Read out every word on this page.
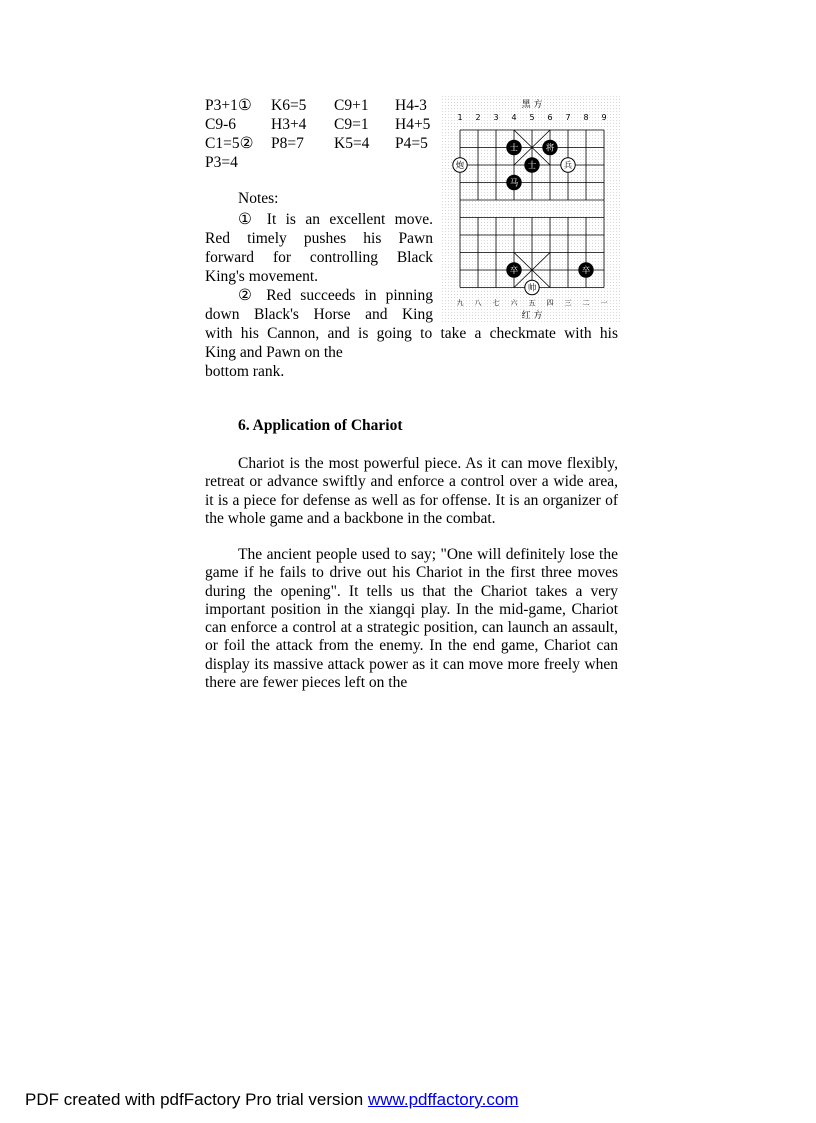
P3+1①	K6=5	C9+1	H4-3
C9-6	H3+4	C9=1	H4+5
C1=5②	P8=7	K5=4	P4=5
P3=4
Notes:
① It is an excellent move.
Red timely pushes his Pawn
forward for controlling Black
King's movement.
② Red succeeds in pinning
down Black's Horse and King
with his Cannon, and is going to take a checkmate with his
King and Pawn on the
bottom rank.
黑 方
红 方
1 2 3 4 5 6 7 8 9
九 八 七 六 五 四 三 二 一
士	将
炮	士	兵
马
卒	卒
帅
6. Application of Chariot
Chariot is the most powerful piece. As it can move flexibly, retreat or advance swiftly and enforce a control over a wide area, it is a piece for defense as well as for offense. It is an organizer of the whole game and a backbone in the combat.
The ancient people used to say; "One will definitely lose the game if he fails to drive out his Chariot in the first three moves during the opening". It tells us that the Chariot takes a very important position in the xiangqi play. In the mid-game, Chariot can enforce a control at a strategic position, can launch an assault, or foil the attack from the enemy. In the end game, Chariot can display its massive attack power as it can move more freely when there are fewer pieces left on the
PDF created with pdfFactory Pro trial version www.pdffactory.com
